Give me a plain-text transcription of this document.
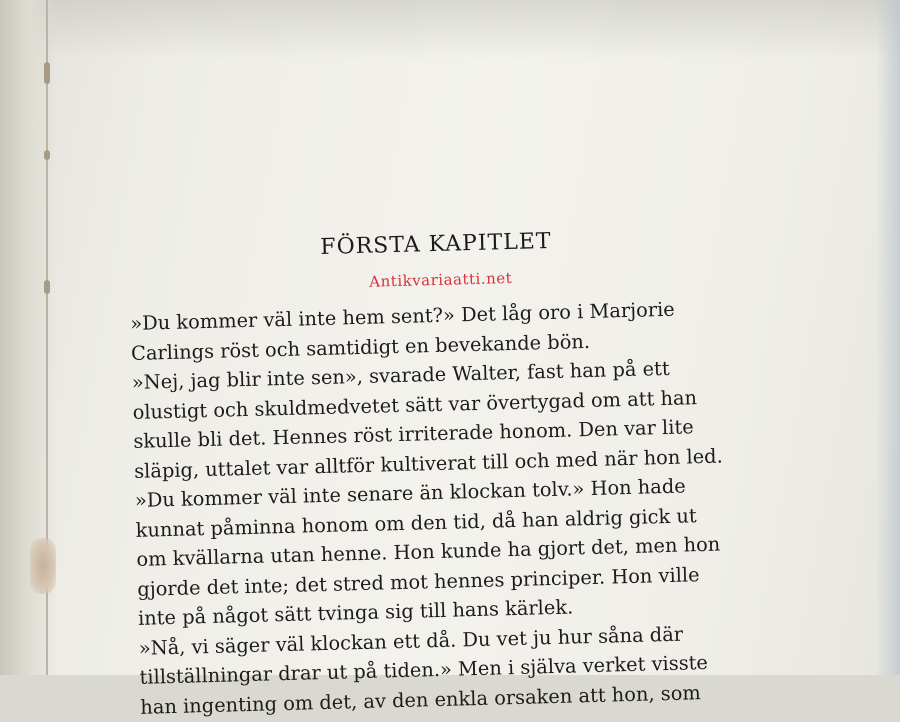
FÖRSTA KAPITLET
Antikvariaatti.net

»Du kommer väl inte hem sent?» Det låg oro i Marjorie
Carlings röst och samtidigt en bevekande bön.

»Nej, jag blir inte sen», svarade Walter, fast han på ett
olustigt och skuldmedvetet sätt var övertygad om att han
skulle bli det. Hennes röst irriterade honom. Den var lite
släpig, uttalet var alltför kultiverat till och med när hon led.

»Du kommer väl inte senare än klockan tolv.» Hon hade
kunnat påminna honom om den tid, då han aldrig gick ut
om kvällarna utan henne. Hon kunde ha gjort det, men hon
gjorde det inte; det stred mot hennes principer. Hon ville
inte på något sätt tvinga sig till hans kärlek.

»Nå, vi säger väl klockan ett då. Du vet ju hur såna där
tillställningar drar ut på tiden.» Men i själva verket visste
han ingenting om det, av den enkla orsaken att hon, som
